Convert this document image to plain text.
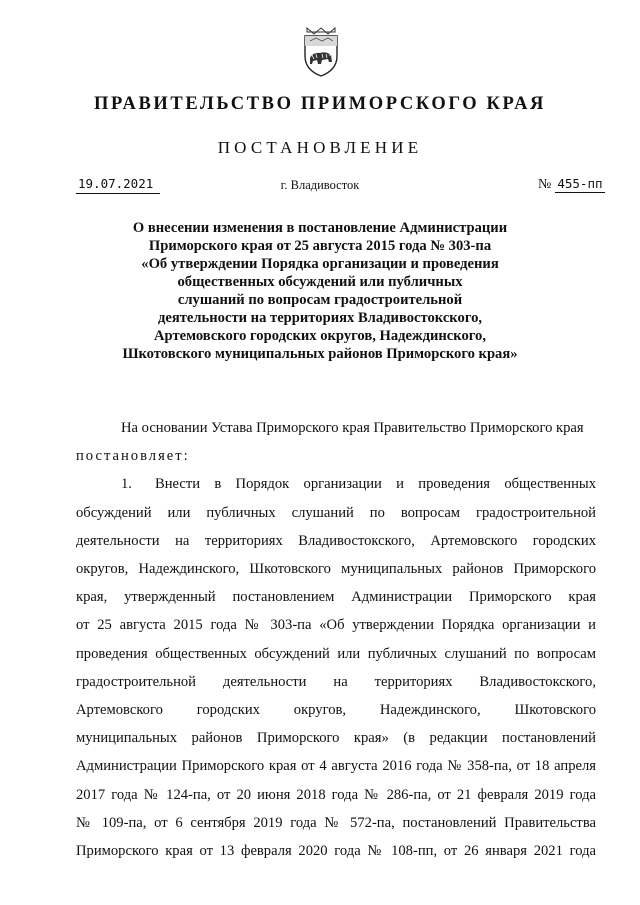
ПРАВИТЕЛЬСТВО ПРИМОРСКОГО КРАЯ
ПОСТАНОВЛЕНИЕ
19.07.2021	г. Владивосток	№ 455-пп
О внесении изменения в постановление Администрации
Приморского края от 25 августа 2015 года № 303-па
«Об утверждении Порядка организации и проведения
общественных обсуждений или публичных
слушаний по вопросам градостроительной
деятельности на территориях Владивостокского,
Артемовского городских округов, Надеждинского,
Шкотовского муниципальных районов Приморского края»
На основании Устава Приморского края Правительство Приморского края
постановляет:
1. Внести в Порядок организации и проведения общественных
обсуждений или публичных слушаний по вопросам градостроительной
деятельности на территориях Владивостокского, Артемовского городских
округов, Надеждинского, Шкотовского муниципальных районов Приморского
края, утвержденный постановлением Администрации Приморского края
от 25 августа 2015 года № 303-па «Об утверждении Порядка организации и
проведения общественных обсуждений или публичных слушаний по вопросам
градостроительной деятельности на территориях Владивостокского,
Артемовского городских округов, Надеждинского, Шкотовского
муниципальных районов Приморского края» (в редакции постановлений
Администрации Приморского края от 4 августа 2016 года № 358-па, от 18 апреля
2017 года № 124-па, от 20 июня 2018 года № 286-па, от 21 февраля 2019 года
№ 109-па, от 6 сентября 2019 года № 572-па, постановлений Правительства
Приморского края от 13 февраля 2020 года № 108-пп, от 26 января 2021 года
